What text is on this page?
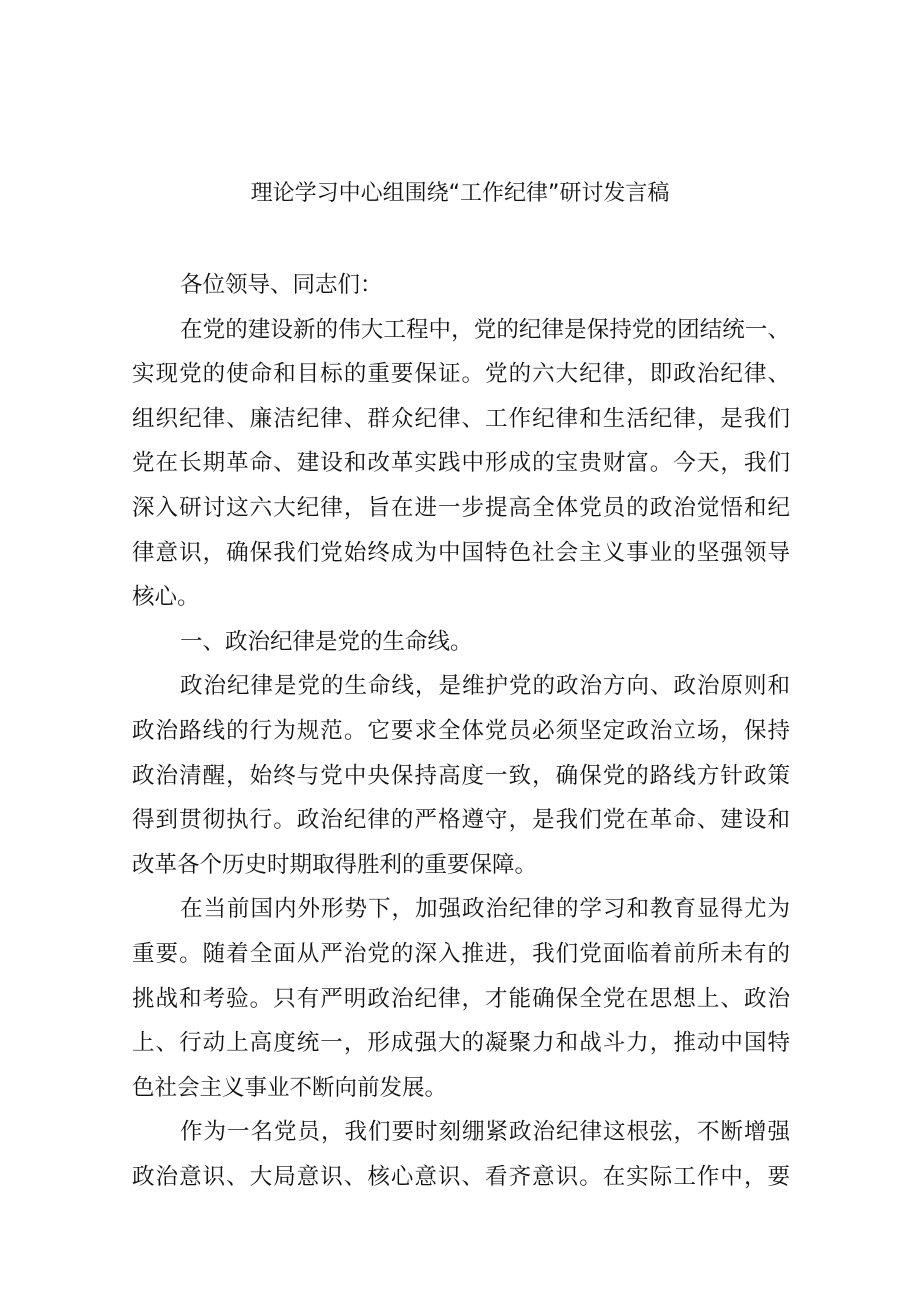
理论学习中心组围绕“工作纪律”研讨发言稿
各位领导、同志们：
在党的建设新的伟大工程中，党的纪律是保持党的团结统一、
实现党的使命和目标的重要保证。党的六大纪律，即政治纪律、
组织纪律、廉洁纪律、群众纪律、工作纪律和生活纪律，是我们
党在长期革命、建设和改革实践中形成的宝贵财富。今天，我们
深入研讨这六大纪律，旨在进一步提高全体党员的政治觉悟和纪
律意识，确保我们党始终成为中国特色社会主义事业的坚强领导
核心。
一、政治纪律是党的生命线。
政治纪律是党的生命线，是维护党的政治方向、政治原则和
政治路线的行为规范。它要求全体党员必须坚定政治立场，保持
政治清醒，始终与党中央保持高度一致，确保党的路线方针政策
得到贯彻执行。政治纪律的严格遵守，是我们党在革命、建设和
改革各个历史时期取得胜利的重要保障。
在当前国内外形势下，加强政治纪律的学习和教育显得尤为
重要。随着全面从严治党的深入推进，我们党面临着前所未有的
挑战和考验。只有严明政治纪律，才能确保全党在思想上、政治
上、行动上高度统一，形成强大的凝聚力和战斗力，推动中国特
色社会主义事业不断向前发展。
作为一名党员，我们要时刻绷紧政治纪律这根弦，不断增强
政治意识、大局意识、核心意识、看齐意识。在实际工作中，要
